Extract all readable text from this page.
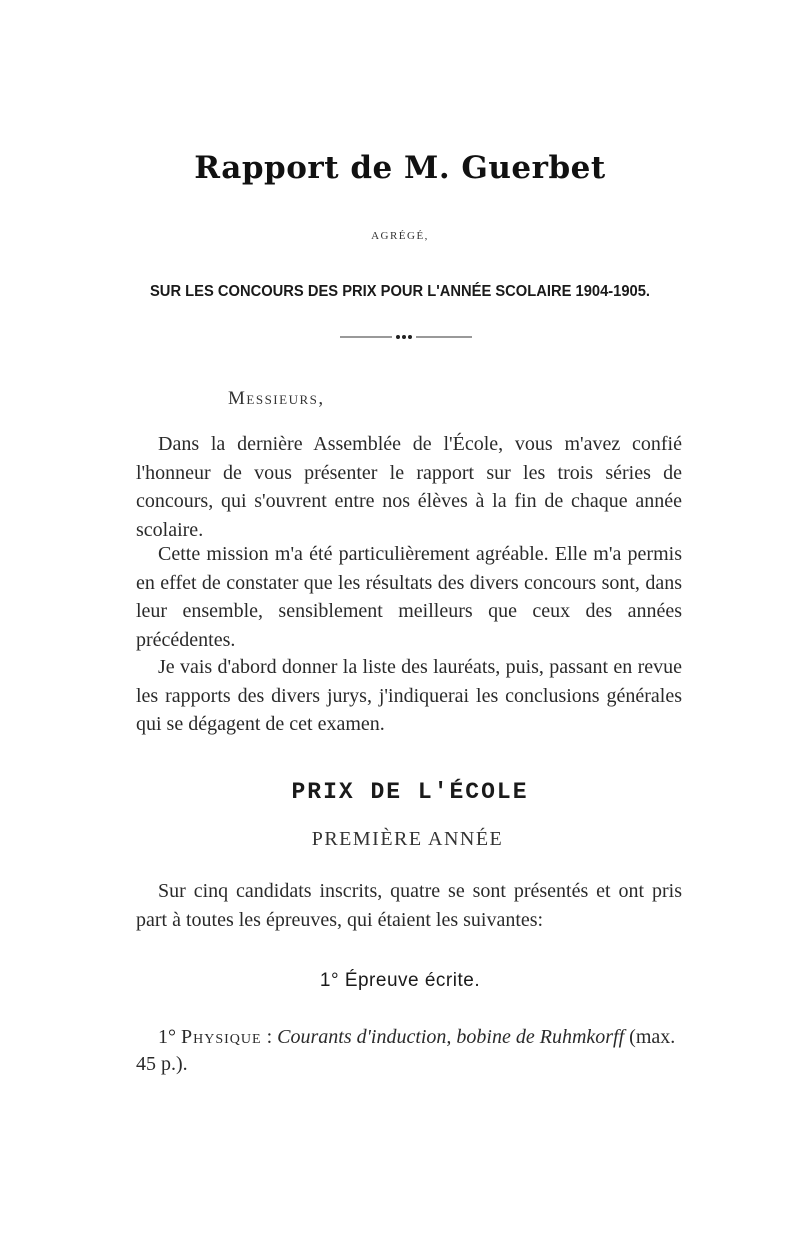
Rapport de M. Guerbet
AGRÉGÉ,
SUR LES CONCOURS DES PRIX POUR L'ANNÉE SCOLAIRE 1904-1905.
Messieurs,
Dans la dernière Assemblée de l'École, vous m'avez confié l'honneur de vous présenter le rapport sur les trois séries de concours, qui s'ouvrent entre nos élèves à la fin de chaque année scolaire.
Cette mission m'a été particulièrement agréable. Elle m'a permis en effet de constater que les résultats des divers concours sont, dans leur ensemble, sensiblement meilleurs que ceux des années précédentes.
Je vais d'abord donner la liste des lauréats, puis, passant en revue les rapports des divers jurys, j'indiquerai les conclusions générales qui se dégagent de cet examen.
PRIX DE L'ÉCOLE
PREMIÈRE ANNÉE
Sur cinq candidats inscrits, quatre se sont présentés et ont pris part à toutes les épreuves, qui étaient les suivantes:
1° Épreuve écrite.
1° Physique : Courants d'induction, bobine de Ruhmkorff (max. 45 p.).
